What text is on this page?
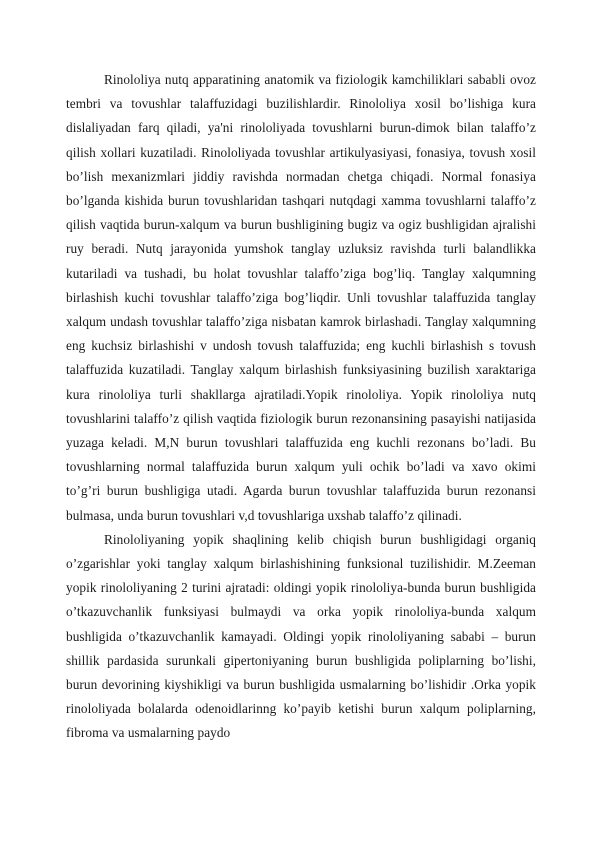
Rinololiya nutq apparatining anatomik va fiziologik kamchiliklari sababli ovoz tembri va tovushlar talaffuzidagi buzilishlardir. Rinololiya xosil bo’lishiga kura dislaliyadan farq qiladi, ya'ni rinololiyada tovushlarni burun-dimok bilan talaffo’z qilish xollari kuzatiladi. Rinololiyada tovushlar artikulyasiyasi, fonasiya, tovush xosil bo’lish mexanizmlari jiddiy ravishda normadan chetga chiqadi. Normal fonasiya bo’lganda kishida burun tovushlaridan tashqari nutqdagi xamma tovushlarni talaffo’z qilish vaqtida burun-xalqum va burun bushligining bugiz va ogiz bushligidan ajralishi ruy beradi. Nutq jarayonida yumshok tanglay uzluksiz ravishda turli balandlikka kutariladi va tushadi, bu holat tovushlar talaffo’ziga bog’liq. Tanglay xalqumning birlashish kuchi tovushlar talaffo’ziga bog’liqdir. Unli tovushlar talaffuzida tanglay xalqum undash tovushlar talaffo’ziga nisbatan kamrok birlashadi. Tanglay xalqumning eng kuchsiz birlashishi v undosh tovush talaffuzida; eng kuchli birlashish s tovush talaffuzida kuzatiladi. Tanglay xalqum birlashish funksiyasining buzilish xaraktariga kura rinololiya turli shakllarga ajratiladi.Yopik rinololiya. Yopik rinololiya nutq tovushlarini talaffo’z qilish vaqtida fiziologik burun rezonansining pasayishi natijasida yuzaga keladi. M,N burun tovushlari talaffuzida eng kuchli rezonans bo’ladi. Bu tovushlarning normal talaffuzida burun xalqum yuli ochik bo’ladi va xavo okimi to’g’ri burun bushligiga utadi. Agarda burun tovushlar talaffuzida burun rezonansi bulmasa, unda burun tovushlari v,d tovushlariga uxshab talaffo’z qilinadi.

Rinololiyaning yopik shaqlining kelib chiqish burun bushligidagi organiq o’zgarishlar yoki tanglay xalqum birlashishining funksional tuzilishidir. M.Zeeman yopik rinololiyaning 2 turini ajratadi: oldingi yopik rinololiya-bunda burun bushligida o’tkazuvchanlik funksiyasi bulmaydi va orka yopik rinololiya-bunda xalqum bushligida o’tkazuvchanlik kamayadi. Oldingi yopik rinololiyaning sababi – burun shillik pardasida surunkali gipertoniyaning burun bushligida poliplarning bo’lishi, burun devorining kiyshikligi va burun bushligida usmalarning bo’lishidir .Orka yopik rinololiyada bolalarda odenoidlarinng ko’payib ketishi burun xalqum poliplarning, fibroma va usmalarning paydo
